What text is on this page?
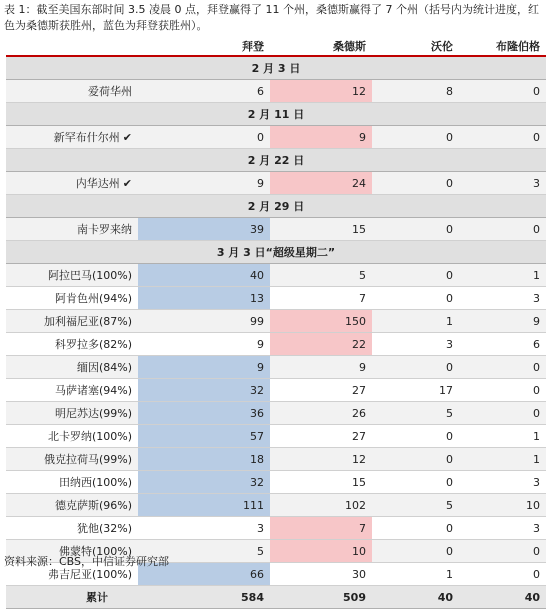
表 1：截至美国东部时间 3.5 凌晨 0 点，拜登赢得了 11 个州，桑德斯赢得了 7 个州（括号内为统计进度，红色为桑德斯获胜州，蓝色为拜登获胜州）。
	拜登	桑德斯	沃伦	布隆伯格
2 月 3 日				
爱荷华州	6	12	8	0
2 月 11 日				
新罕布什尔州 ✔	0	9	0	0
2 月 22 日				
内华达州 ✔	9	24	0	3
2 月 29 日				
南卡罗来纳	39	15	0	0
3 月 3 日“超级星期二”				
阿拉巴马(100%)	40	5	0	1
阿肯色州(94%)	13	7	0	3
加利福尼亚(87%)	99	150	1	9
科罗拉多(82%)	9	22	3	6
缅因(84%)	9	9	0	0
马萨诸塞(94%)	32	27	17	0
明尼苏达(99%)	36	26	5	0
北卡罗纳(100%)	57	27	0	1
俄克拉荷马(99%)	18	12	0	1
田纳西(100%)	32	15	0	3
德克萨斯(96%)	111	102	5	10
犹他(32%)	3	7	0	3
佛蒙特(100%)	5	10	0	0
弗吉尼亚(100%)	66	30	1	0
累计	584	509	40	40
资料来源：CBS，中信证券研究部
